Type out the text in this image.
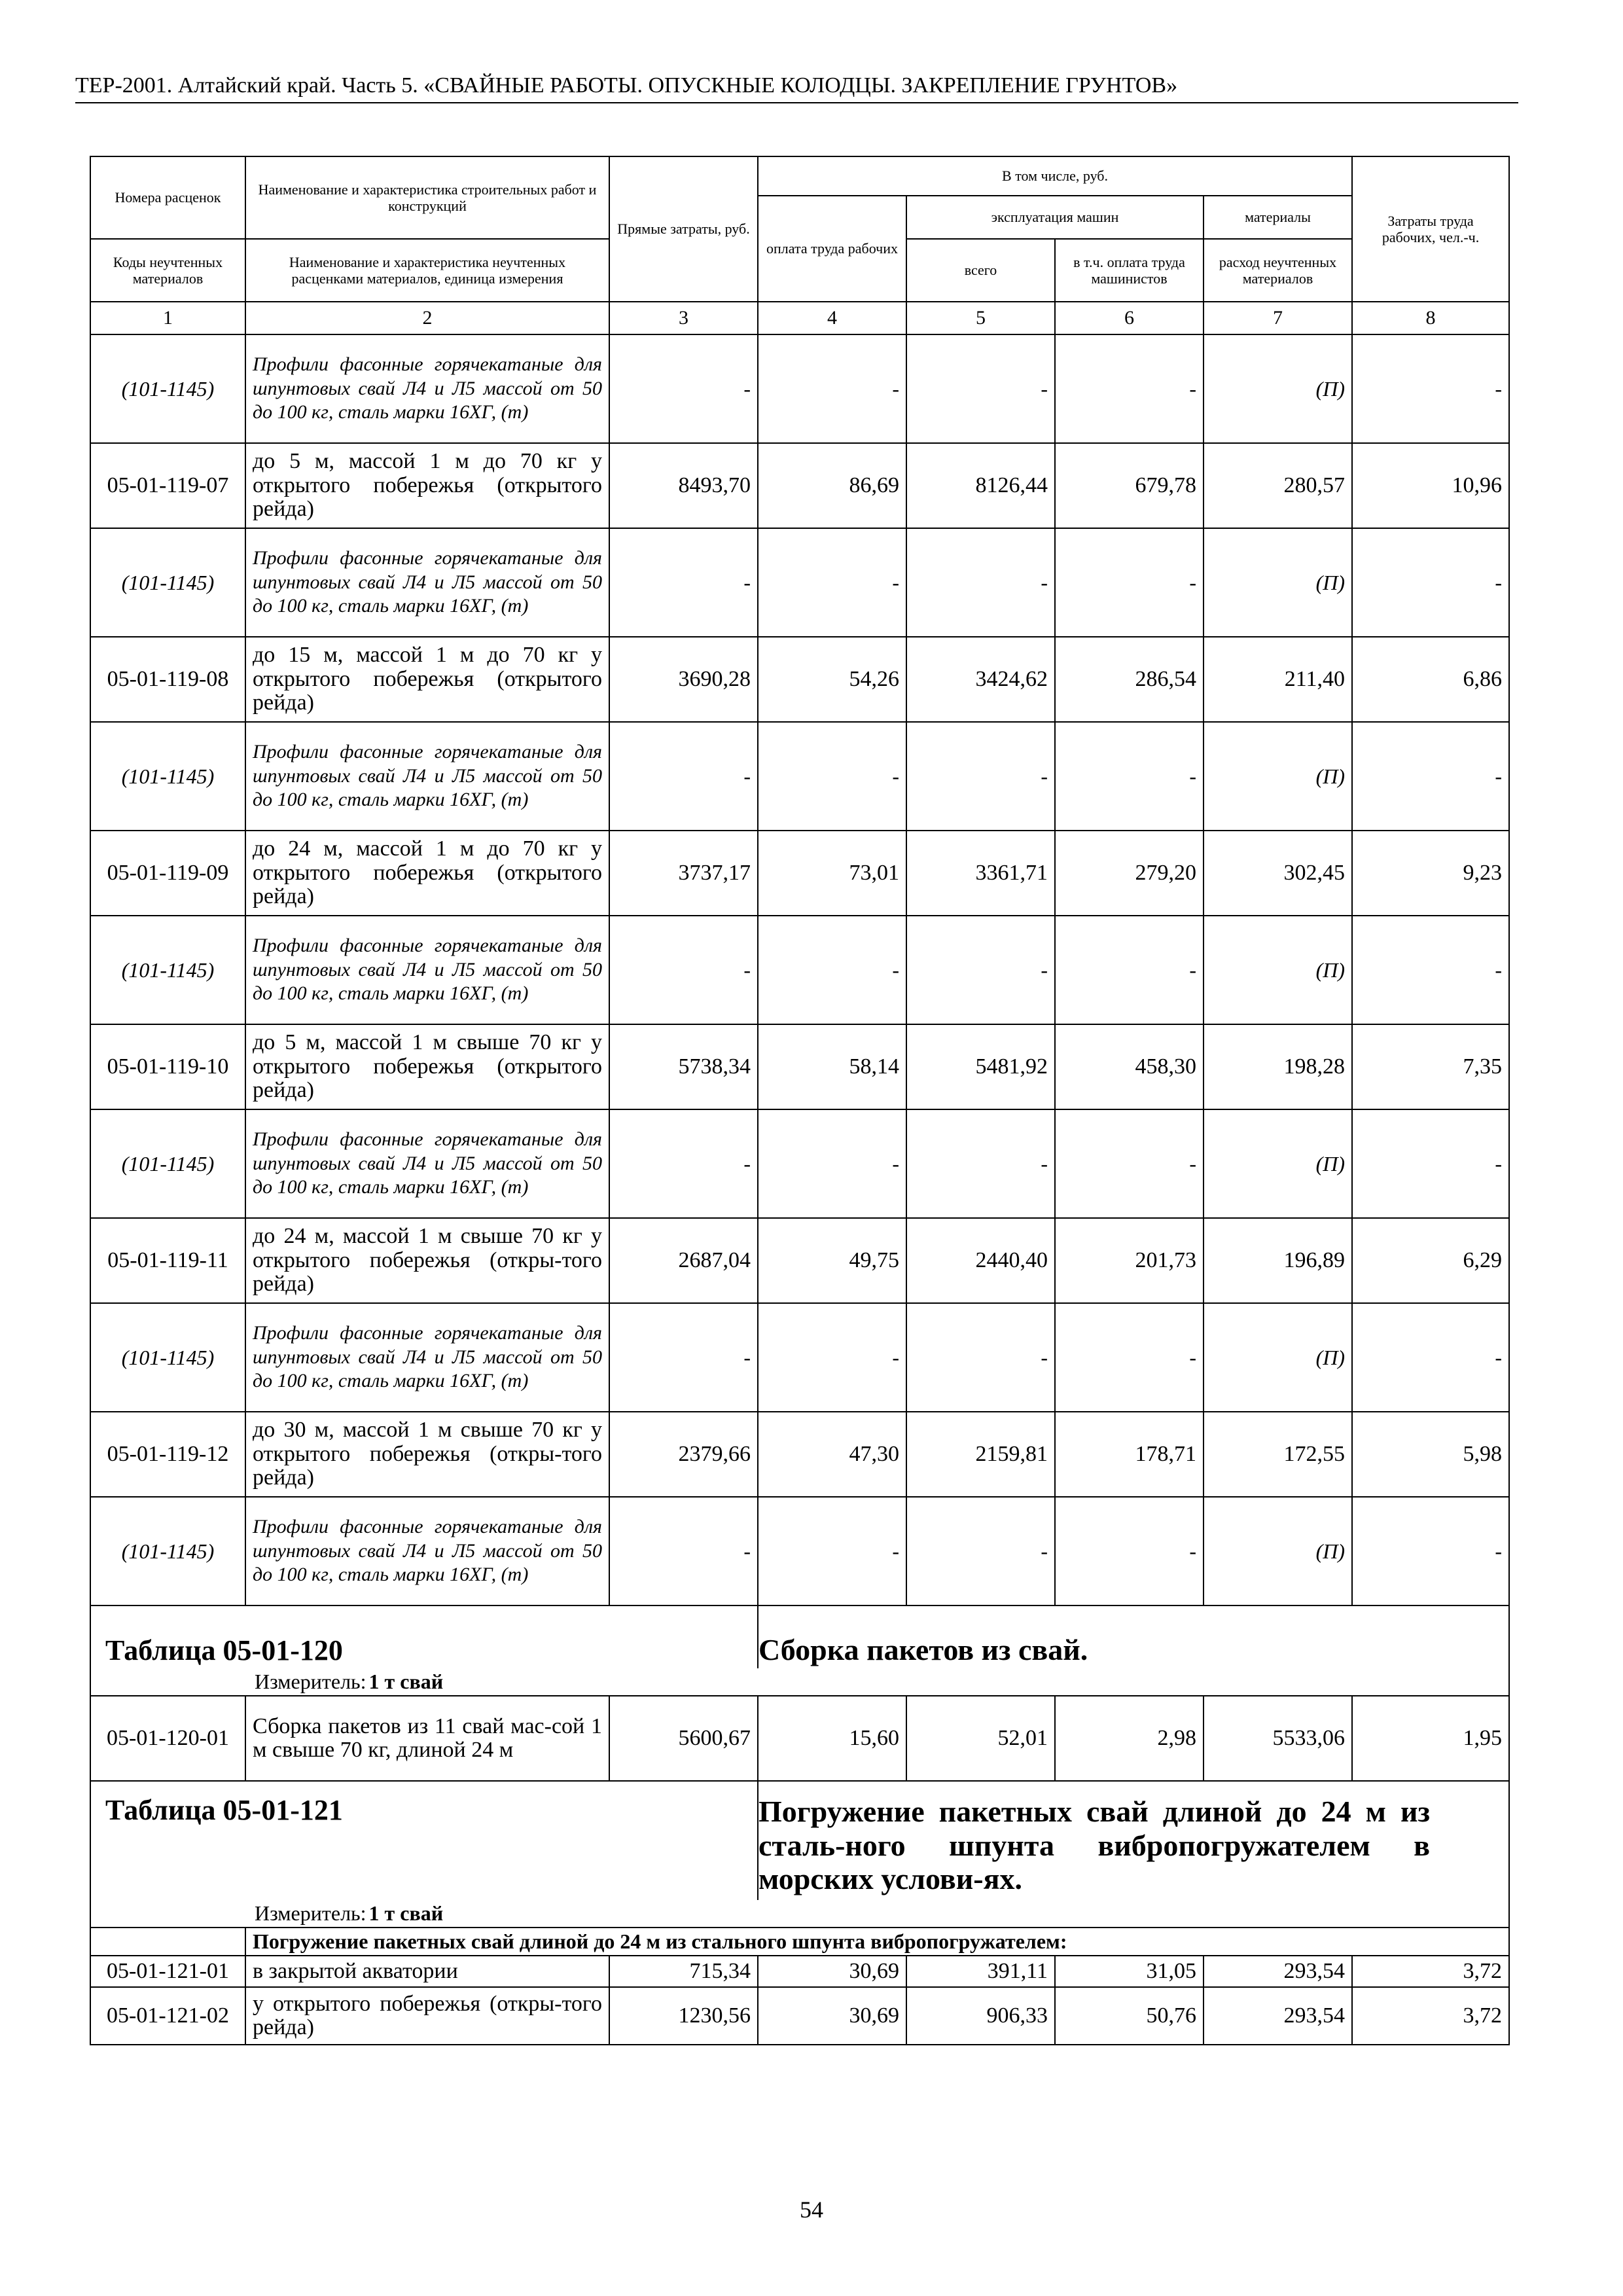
ТЕР-2001. Алтайский край. Часть 5. «СВАЙНЫЕ РАБОТЫ. ОПУСКНЫЕ КОЛОДЦЫ. ЗАКРЕПЛЕНИЕ ГРУНТОВ»
Номера расценок	Наименование и характеристика строительных работ и конструкций	Прямые затраты, руб.	В том числе, руб.				Затраты труда рабочих, чел.-ч.
			оплата труда рабочих	эксплуатация машин		материалы	
Коды неучтенных материалов	Наименование и характеристика неучтенных расценками материалов, единица измерения			всего	в т.ч. оплата труда машинистов	расход неучтенных материалов	
1	2	3	4	5	6	7	8
(101-1145)	Профили фасонные горячекатаные для шпунтовых свай Л4 и Л5 массой от 50 до 100 кг, сталь марки 16ХГ, (т)	-	-	-	-	(П)	-
05-01-119-07	до 5 м, массой 1 м до 70 кг у открытого побережья (открытого рейда)	8493,70	86,69	8126,44	679,78	280,57	10,96
(101-1145)	Профили фасонные горячекатаные для шпунтовых свай Л4 и Л5 массой от 50 до 100 кг, сталь марки 16ХГ, (т)	-	-	-	-	(П)	-
05-01-119-08	до 15 м, массой 1 м до 70 кг у открытого побережья (открытого рейда)	3690,28	54,26	3424,62	286,54	211,40	6,86
(101-1145)	Профили фасонные горячекатаные для шпунтовых свай Л4 и Л5 массой от 50 до 100 кг, сталь марки 16ХГ, (т)	-	-	-	-	(П)	-
05-01-119-09	до 24 м, массой 1 м до 70 кг у открытого побережья (открытого рейда)	3737,17	73,01	3361,71	279,20	302,45	9,23
(101-1145)	Профили фасонные горячекатаные для шпунтовых свай Л4 и Л5 массой от 50 до 100 кг, сталь марки 16ХГ, (т)	-	-	-	-	(П)	-
05-01-119-10	до 5 м, массой 1 м свыше 70 кг у открытого побережья (открытого рейда)	5738,34	58,14	5481,92	458,30	198,28	7,35
(101-1145)	Профили фасонные горячекатаные для шпунтовых свай Л4 и Л5 массой от 50 до 100 кг, сталь марки 16ХГ, (т)	-	-	-	-	(П)	-
05-01-119-11	до 24 м, массой 1 м свыше 70 кг у открытого побережья (откры-того рейда)	2687,04	49,75	2440,40	201,73	196,89	6,29
(101-1145)	Профили фасонные горячекатаные для шпунтовых свай Л4 и Л5 массой от 50 до 100 кг, сталь марки 16ХГ, (т)	-	-	-	-	(П)	-
05-01-119-12	до 30 м, массой 1 м свыше 70 кг у открытого побережья (откры-того рейда)	2379,66	47,30	2159,81	178,71	172,55	5,98
(101-1145)	Профили фасонные горячекатаные для шпунтовых свай Л4 и Л5 массой от 50 до 100 кг, сталь марки 16ХГ, (т)	-	-	-	-	(П)	-
Таблица 05-01-120			Сборка пакетов из свай.				
Измеритель: 1 т свай							
05-01-120-01	Сборка пакетов из 11 свай мас-сой 1 м свыше 70 кг, длиной 24 м	5600,67	15,60	52,01	2,98	5533,06	1,95
Таблица 05-01-121			Погружение пакетных свай длиной до 24 м из сталь-ного шпунта вибропогружателем в морских услови-ях.				
Измеритель: 1 т свай							
	Погружение пакетных свай длиной до 24 м из стального шпунта вибропогружателем:						
05-01-121-01	в закрытой акватории	715,34	30,69	391,11	31,05	293,54	3,72
05-01-121-02	у открытого побережья (откры-того рейда)	1230,56	30,69	906,33	50,76	293,54	3,72
54
